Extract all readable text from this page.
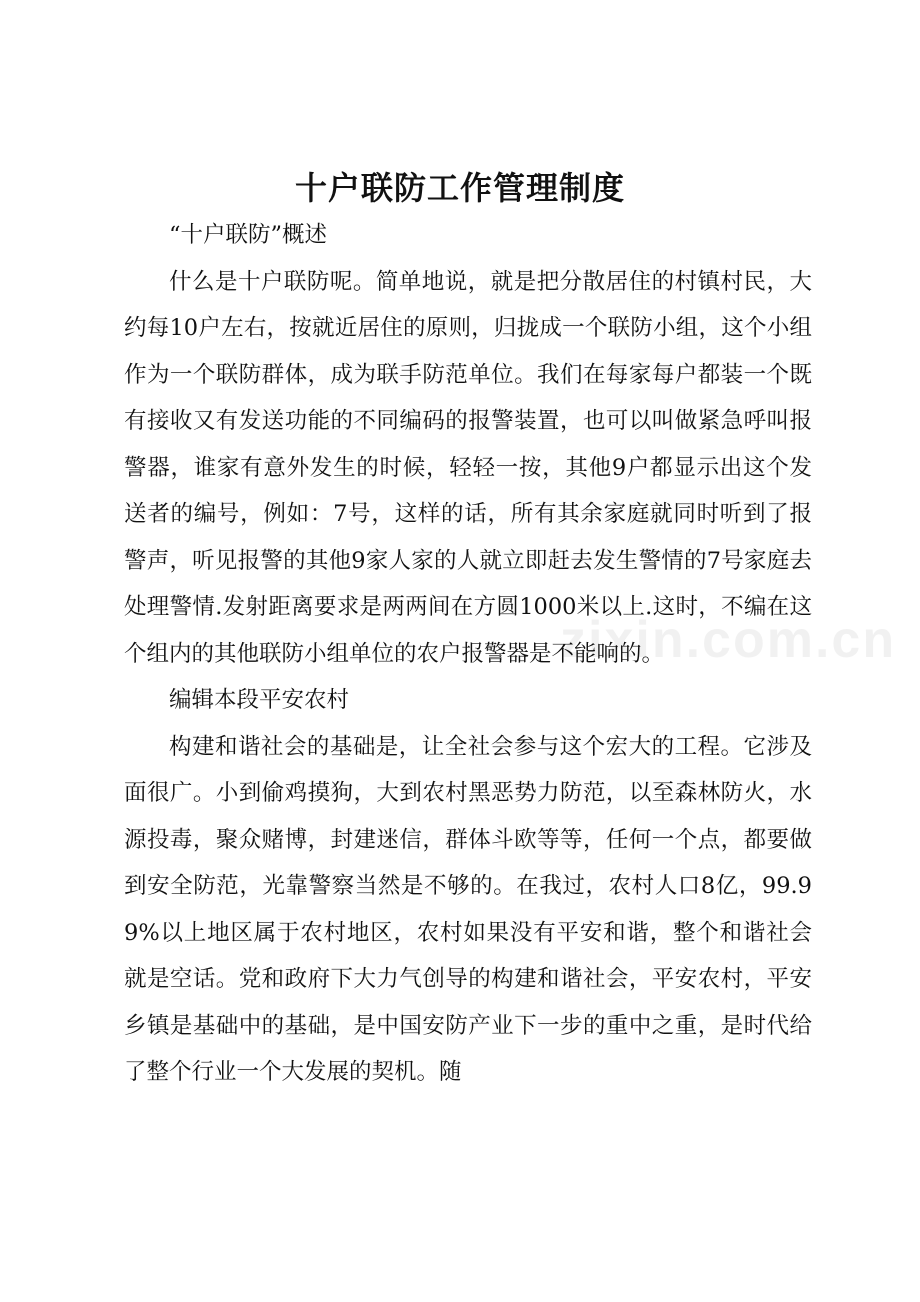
十户联防工作管理制度

“十户联防”概述

什么是十户联防呢。简单地说，就是把分散居住的村镇村民，大约每10户左右，按就近居住的原则，归拢成一个联防小组，这个小组作为一个联防群体，成为联手防范单位。我们在每家每户都装一个既有接收又有发送功能的不同编码的报警装置，也可以叫做紧急呼叫报警器，谁家有意外发生的时候，轻轻一按，其他9户都显示出这个发送者的编号，例如：7号，这样的话，所有其余家庭就同时听到了报警声，听见报警的其他9家人家的人就立即赶去发生警情的7号家庭去处理警情.发射距离要求是两两间在方圆1000米以上.这时，不编在这个组内的其他联防小组单位的农户报警器是不能响的。

编辑本段平安农村

构建和谐社会的基础是，让全社会参与这个宏大的工程。它涉及面很广。小到偷鸡摸狗，大到农村黑恶势力防范，以至森林防火，水源投毒，聚众赌博，封建迷信，群体斗欧等等，任何一个点，都要做到安全防范，光靠警察当然是不够的。在我过，农村人口8亿，99.99%以上地区属于农村地区，农村如果没有平安和谐，整个和谐社会就是空话。党和政府下大力气创导的构建和谐社会，平安农村，平安乡镇是基础中的基础，是中国安防产业下一步的重中之重，是时代给了整个行业一个大发展的契机。随

zixin.com.cn
